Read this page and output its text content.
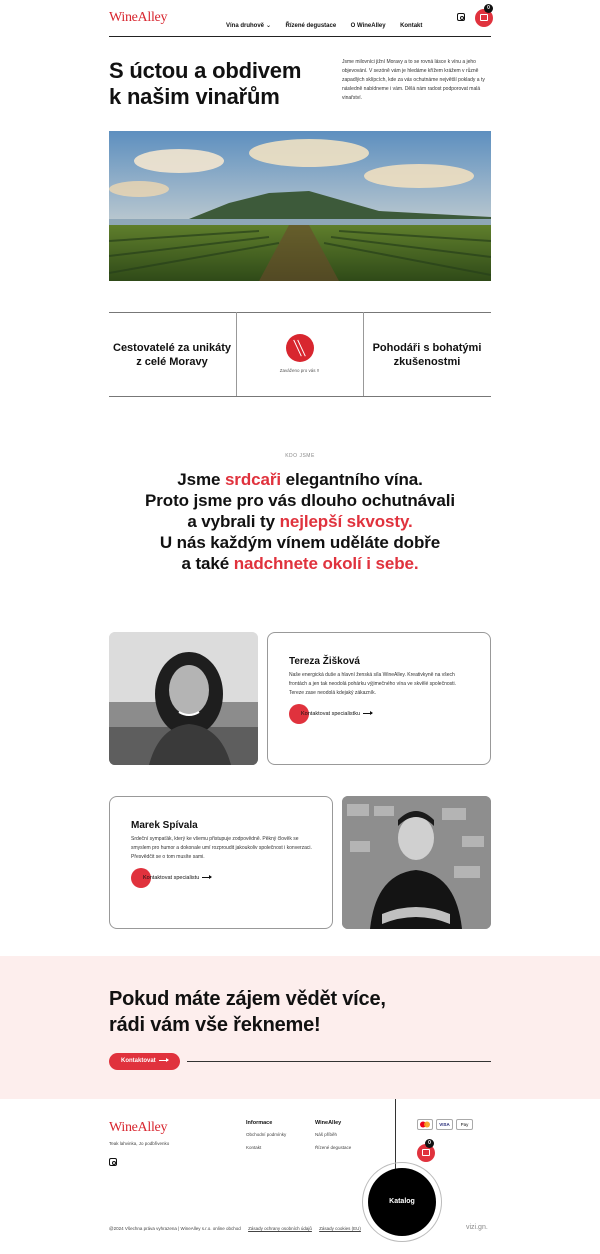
WineAlley
Vína druhově ⌄ Řízené degustace O WineAlley Kontakt
0
S úctou a obdivem
k našim vinařům
Jsme milovníci jižní Moravy a to se rovná lásce k vínu a jeho objevování. V sezóně vám je hledáme křížem krážem v různě zapadlých sklípcích, kde za vás ochutnáme největší poklady a ty následně nabídneme i vám. Dělá nám radost podporovat malá vinařství.
Cestovatelé za unikáty z celé Moravy
Zaváženo pro vás !!
Pohodáři s bohatými zkušenostmi
KDO JSME
Jsme srdcaři elegantního vína.
Proto jsme pro vás dlouho ochutnávali
a vybrali ty nejlepší skvosty.
U nás každým vínem uděláte dobře
a také nadchnete okolí i sebe.
Tereza Žišková
Naše energická duše a hlavní ženská síla WineAlley. Kreativkyně na všech frontách a jen tak neodolá pohárku výjimečného vína ve skvělé společnosti. Tereze zase neodolá kdejaký zákazník.
Kontaktovat specialistku
Marek Spívala
Srdeční sympaťák, který ke všemu přistupuje zodpovědně. Pěkný člověk se smyslem pro humor a dokonale umí rozproudit jakoukoliv společnost i konverzaci. Přesvědčit se o tom musíte sami.
Kontaktovat specialistu
Pokud máte zájem vědět více,
rádi vám vše řekneme!
Kontaktovat
WineAlley
Teak lahvinka, Jo podbřivenko
Informace
Obchodní podmínky
Kontakt
WineAlley
Náš příběh
Řízené degustace
VISA	Pay
0
Katalog
@2024 Všechna práva vyhrazena | WineAlley s.r.o. online obchod Zásady ochrany osobních údajů Zásady cookies (EU)	vizi.gn.
